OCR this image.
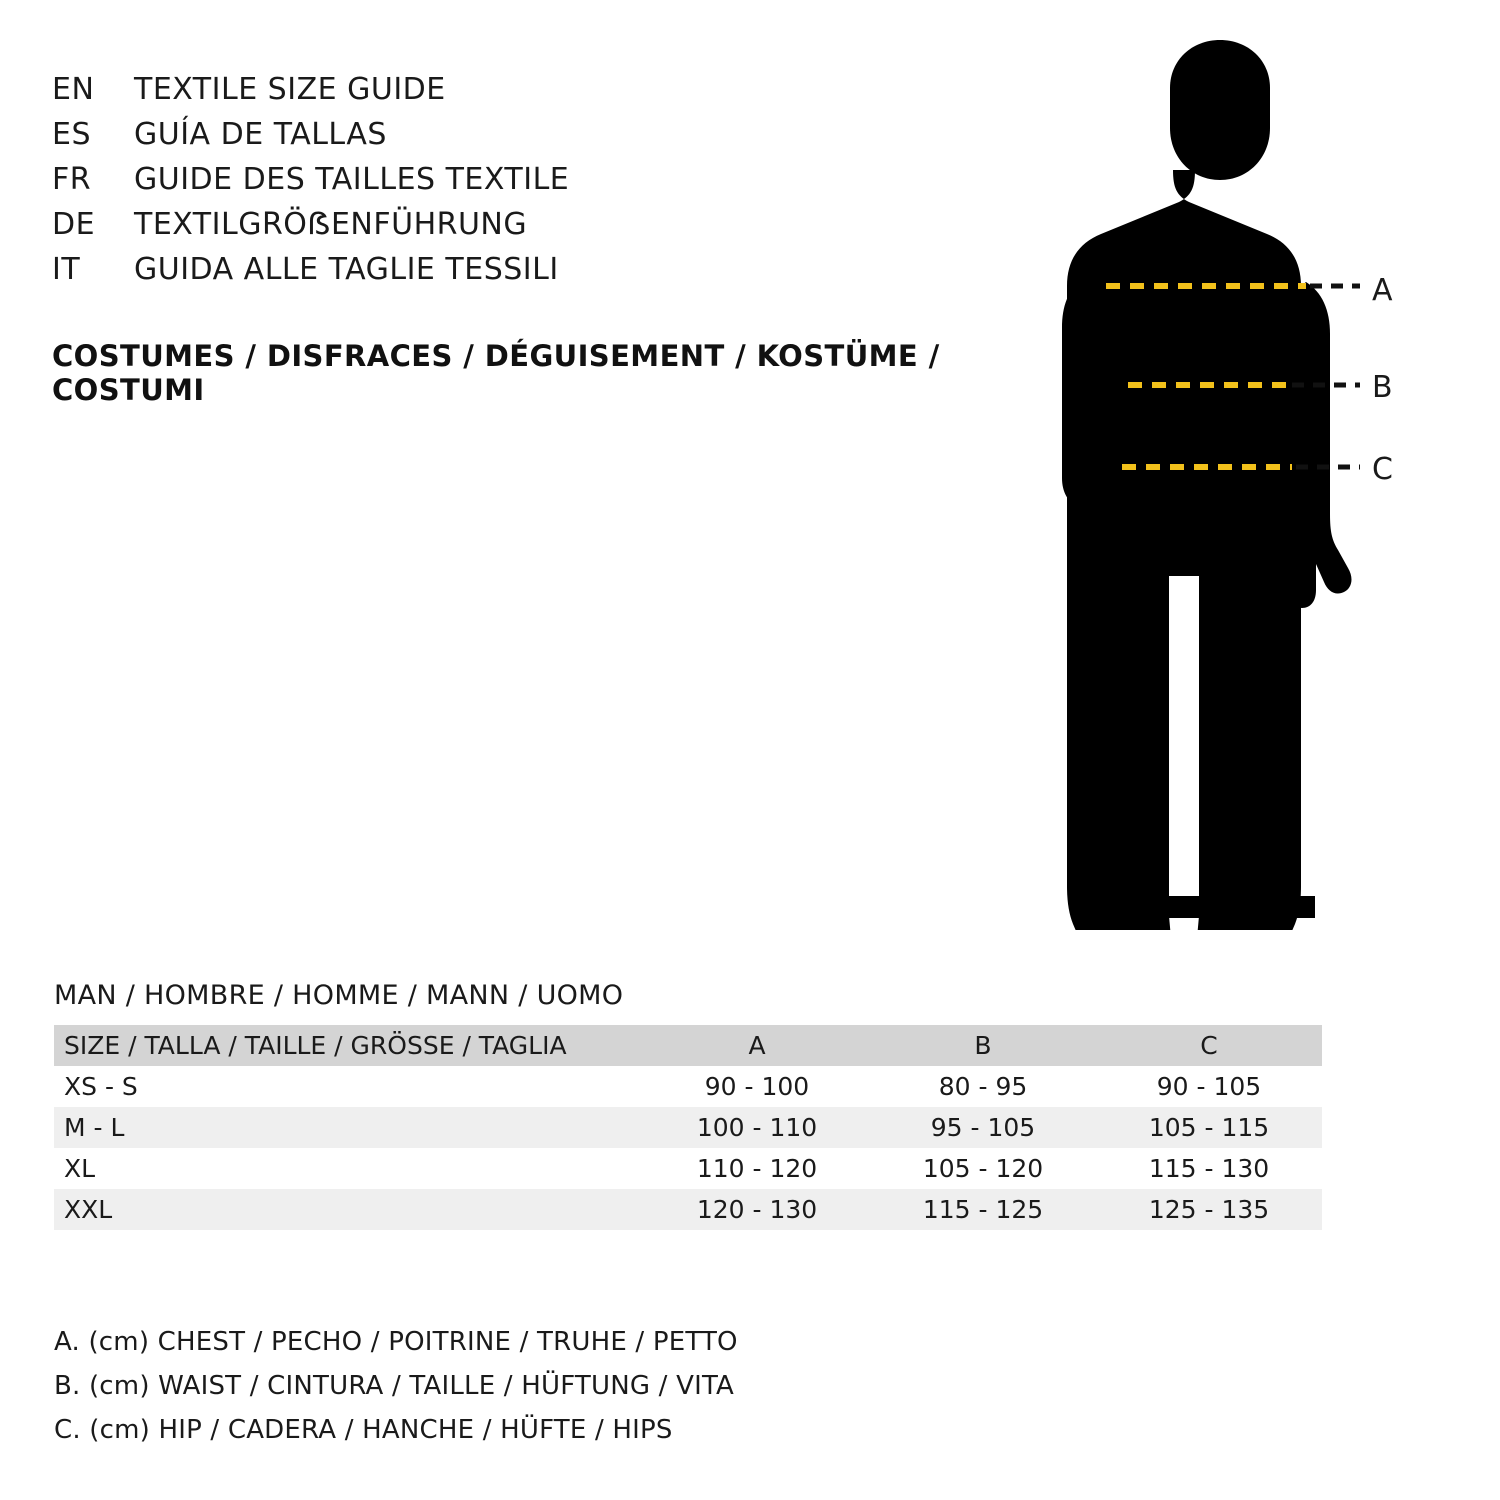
EN	TEXTILE SIZE GUIDE
ES	GUÍA DE TALLAS
FR	GUIDE DES TAILLES TEXTILE
DE	TEXTILGRÖẞENFÜHRUNG
IT	GUIDA ALLE TAGLIE TESSILI
COSTUMES / DISFRACES / DÉGUISEMENT / KOSTÜME / COSTUMI
A
B
C
MAN / HOMBRE / HOMME / MANN / UOMO
SIZE / TALLA / TAILLE / GRÖSSE / TAGLIA	A	B	C
XS - S	90 - 100	80 - 95	90 - 105
M - L	100 - 110	95 - 105	105 - 115
XL	110 - 120	105 - 120	115 - 130
XXL	120 - 130	115 - 125	125 - 135
A. (cm) CHEST / PECHO / POITRINE / TRUHE / PETTO
B. (cm) WAIST / CINTURA / TAILLE / HÜFTUNG / VITA
C. (cm) HIP / CADERA / HANCHE / HÜFTE / HIPS
